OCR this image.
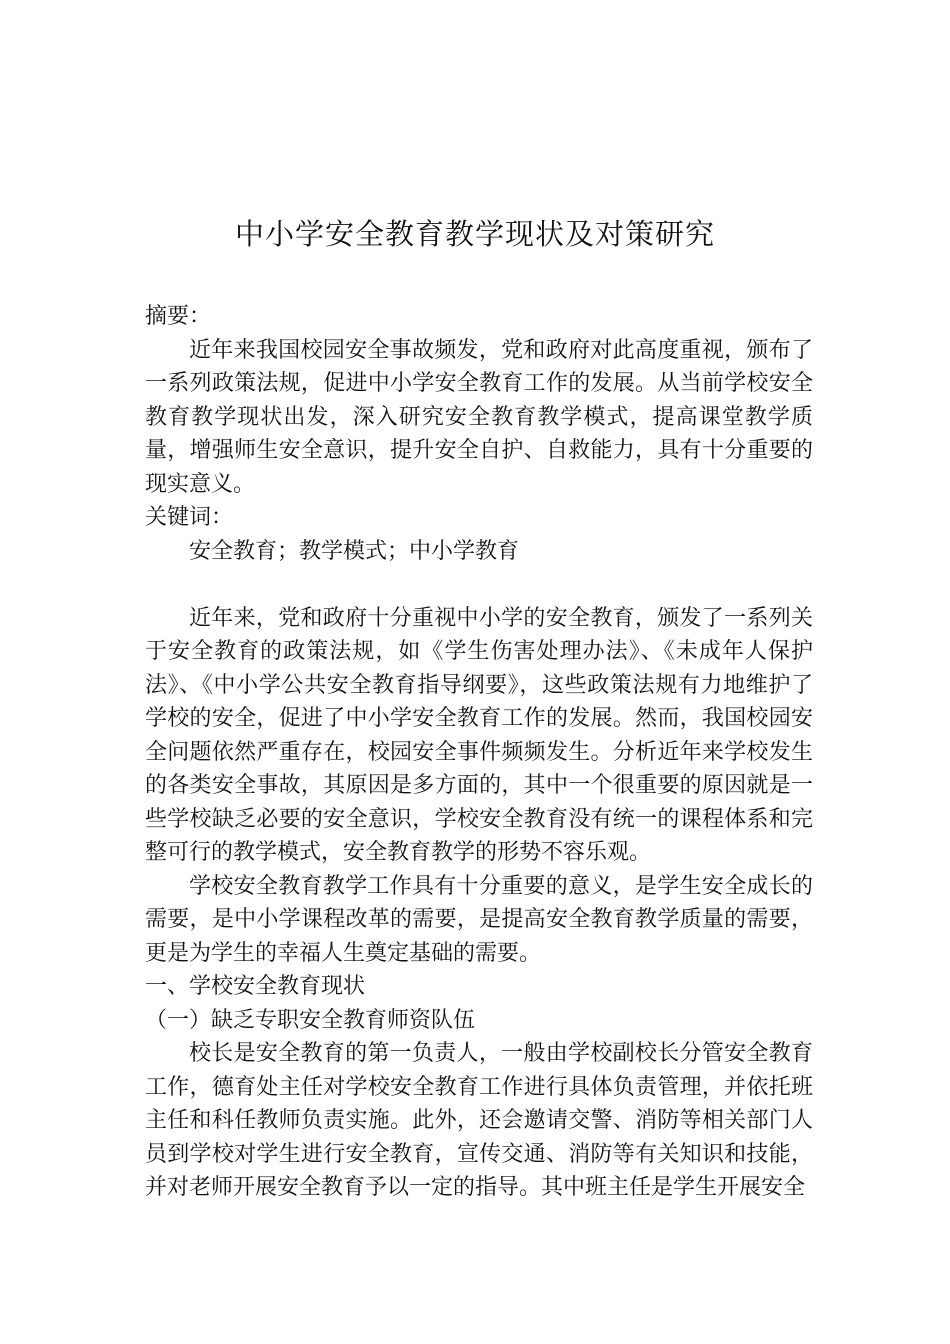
中小学安全教育教学现状及对策研究

摘要：

近年来我国校园安全事故频发，党和政府对此高度重视，颁布了一系列政策法规，促进中小学安全教育工作的发展。从当前学校安全教育教学现状出发，深入研究安全教育教学模式，提高课堂教学质量，增强师生安全意识，提升安全自护、自救能力，具有十分重要的现实意义。

关键词：

安全教育；教学模式；中小学教育

近年来，党和政府十分重视中小学的安全教育，颁发了一系列关于安全教育的政策法规，如《学生伤害处理办法》、《未成年人保护法》、《中小学公共安全教育指导纲要》，这些政策法规有力地维护了学校的安全，促进了中小学安全教育工作的发展。然而，我国校园安全问题依然严重存在，校园安全事件频频发生。分析近年来学校发生的各类安全事故，其原因是多方面的，其中一个很重要的原因就是一些学校缺乏必要的安全意识，学校安全教育没有统一的课程体系和完整可行的教学模式，安全教育教学的形势不容乐观。

学校安全教育教学工作具有十分重要的意义，是学生安全成长的需要，是中小学课程改革的需要，是提高安全教育教学质量的需要，更是为学生的幸福人生奠定基础的需要。

一、学校安全教育现状

（一）缺乏专职安全教育师资队伍

校长是安全教育的第一负责人，一般由学校副校长分管安全教育工作，德育处主任对学校安全教育工作进行具体负责管理，并依托班主任和科任教师负责实施。此外，还会邀请交警、消防等相关部门人员到学校对学生进行安全教育，宣传交通、消防等有关知识和技能，并对老师开展安全教育予以一定的指导。其中班主任是学生开展安全
